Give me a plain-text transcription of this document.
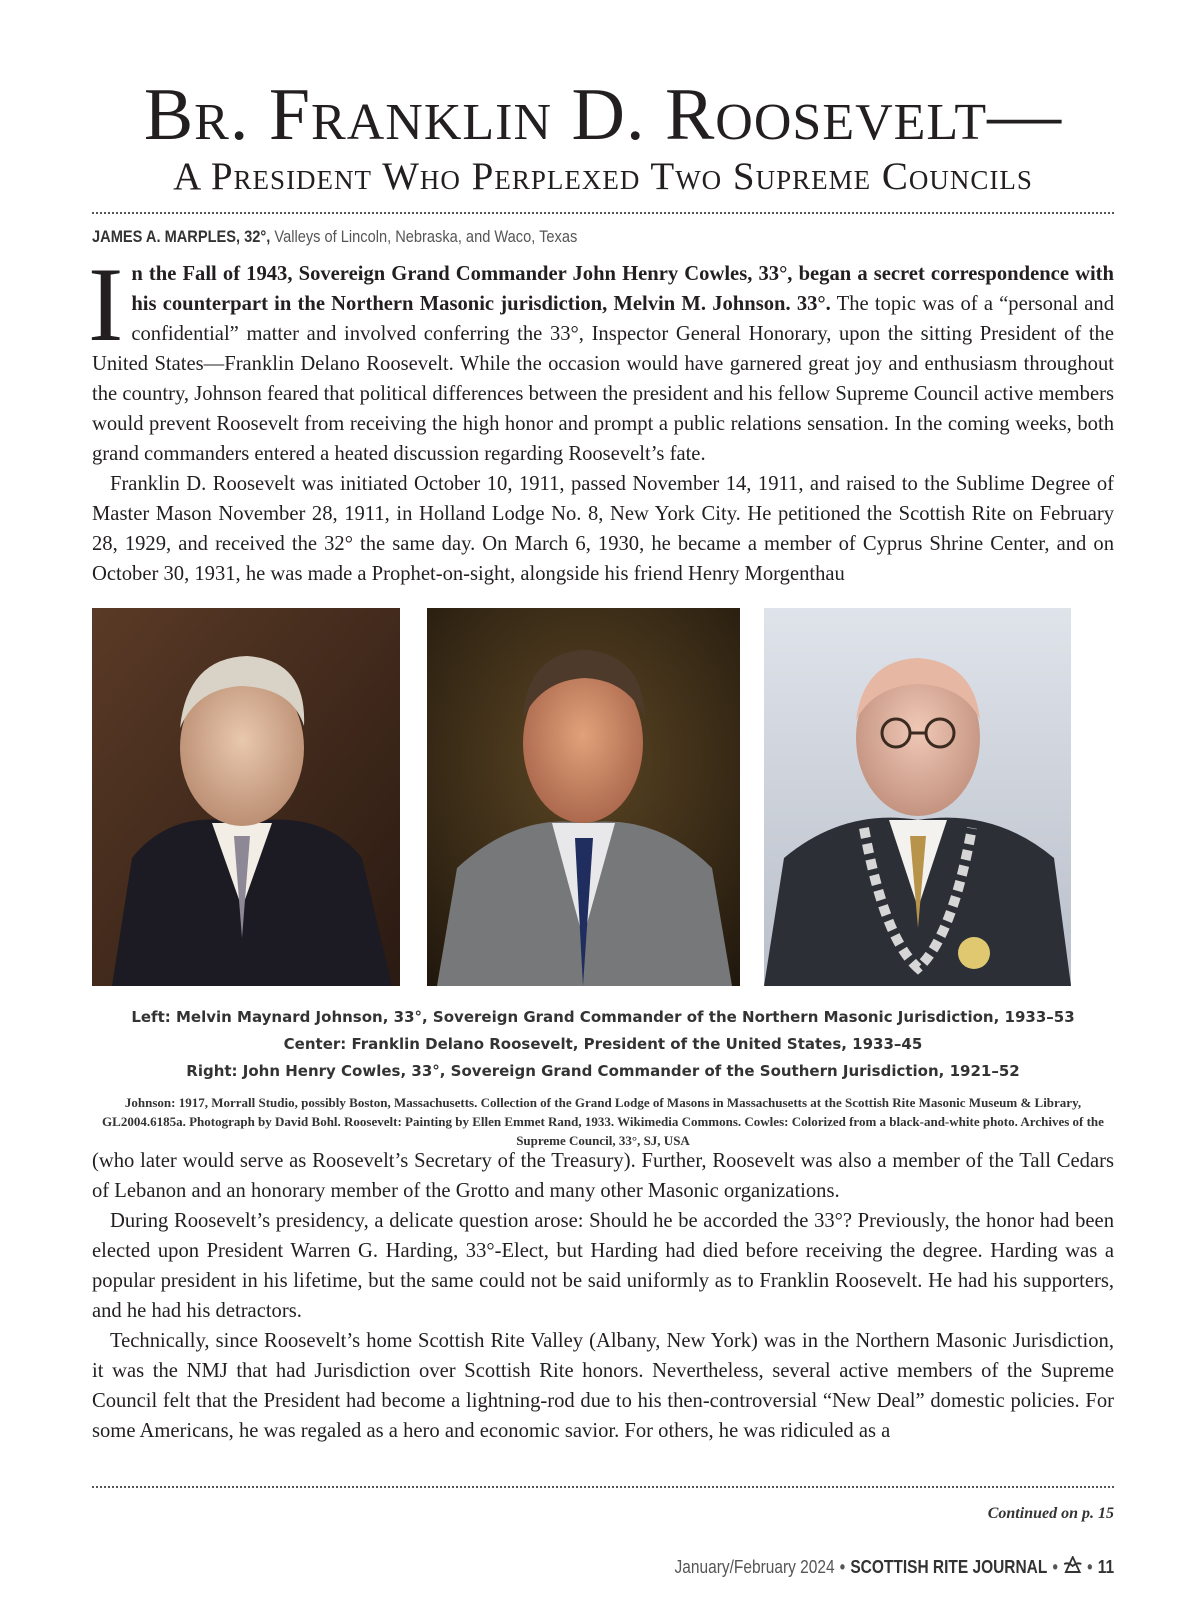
Br. Franklin D. Roosevelt—
A President Who Perplexed Two Supreme Councils
JAMES A. MARPLES, 32°, Valleys of Lincoln, Nebraska, and Waco, Texas

I n the Fall of 1943, Sovereign Grand Commander John Henry Cowles, 33°, began a secret correspondence with his counterpart in the Northern Masonic jurisdiction, Melvin M. Johnson. 33°. The topic was of a “personal and confidential” matter and involved conferring the 33°, Inspector General Honorary, upon the sitting President of the United States—Franklin Delano Roosevelt. While the occasion would have garnered great joy and enthusiasm throughout the country, Johnson feared that political differences between the president and his fellow Supreme Council active members would prevent Roosevelt from receiving the high honor and prompt a public relations sensation. In the coming weeks, both grand commanders entered a heated discussion regarding Roosevelt’s fate.

Franklin D. Roosevelt was initiated October 10, 1911, passed November 14, 1911, and raised to the Sublime Degree of Master Mason November 28, 1911, in Holland Lodge No. 8, New York City. He petitioned the Scottish Rite on February 28, 1929, and received the 32° the same day. On March 6, 1930, he became a member of Cyprus Shrine Center, and on October 30, 1931, he was made a Prophet-on-sight, alongside his friend Henry Morgenthau

Left: Melvin Maynard Johnson, 33°, Sovereign Grand Commander of the Northern Masonic Jurisdiction, 1933–53
Center: Franklin Delano Roosevelt, President of the United States, 1933–45
Right: John Henry Cowles, 33°, Sovereign Grand Commander of the Southern Jurisdiction, 1921–52
Johnson: 1917, Morrall Studio, possibly Boston, Massachusetts. Collection of the Grand Lodge of Masons in Massachusetts at the Scottish Rite Masonic Museum & Library, GL2004.6185a. Photograph by David Bohl. Roosevelt: Painting by Ellen Emmet Rand, 1933. Wikimedia Commons. Cowles: Colorized from a black-and-white photo. Archives of the Supreme Council, 33°, SJ, USA

(who later would serve as Roosevelt’s Secretary of the Treasury). Further, Roosevelt was also a member of the Tall Cedars of Lebanon and an honorary member of the Grotto and many other Masonic organizations.

During Roosevelt’s presidency, a delicate question arose: Should he be accorded the 33°? Previously, the honor had been elected upon President Warren G. Harding, 33°-Elect, but Harding had died before receiving the degree. Harding was a popular president in his lifetime, but the same could not be said uniformly as to Franklin Roosevelt. He had his supporters, and he had his detractors.

Technically, since Roosevelt’s home Scottish Rite Valley (Albany, New York) was in the Northern Masonic Jurisdiction, it was the NMJ that had Jurisdiction over Scottish Rite honors. Nevertheless, several active members of the Supreme Council felt that the President had become a lightning-rod due to his then-controversial “New Deal” domestic policies. For some Americans, he was regaled as a hero and economic savior. For others, he was ridiculed as a

Continued on p. 15
January/February 2024 • SCOTTISH RITE JOURNAL • • 11
